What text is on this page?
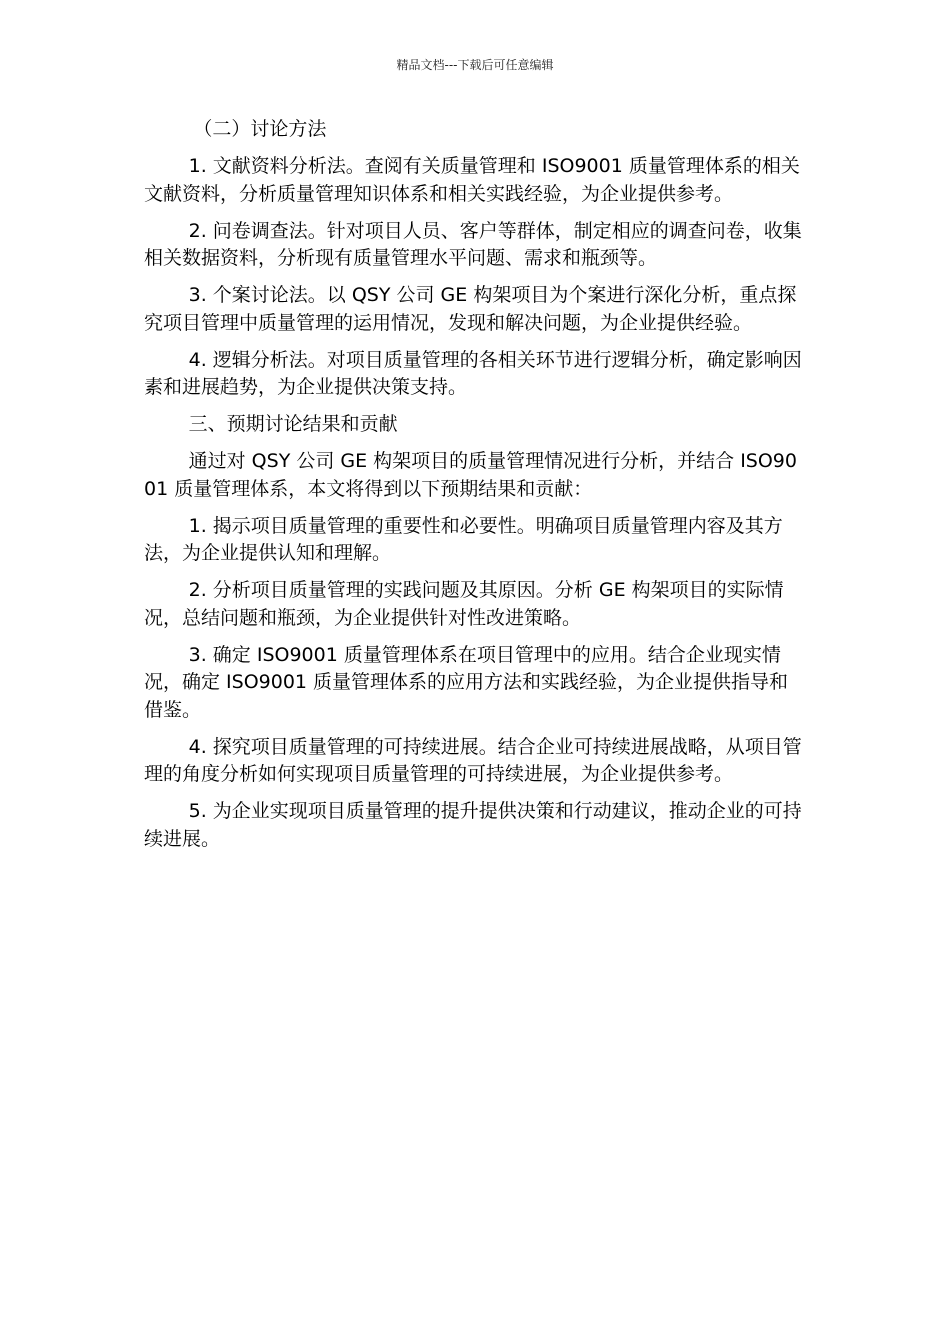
精品文档---下载后可任意编辑

（二）讨论方法

1. 文献资料分析法。查阅有关质量管理和 ISO9001 质量管理体系的相关文献资料，分析质量管理知识体系和相关实践经验，为企业提供参考。

2. 问卷调查法。针对项目人员、客户等群体，制定相应的调查问卷，收集相关数据资料，分析现有质量管理水平问题、需求和瓶颈等。

3. 个案讨论法。以 QSY 公司 GE 构架项目为个案进行深化分析，重点探究项目管理中质量管理的运用情况，发现和解决问题，为企业提供经验。

4. 逻辑分析法。对项目质量管理的各相关环节进行逻辑分析，确定影响因素和进展趋势，为企业提供决策支持。

三、预期讨论结果和贡献

通过对 QSY 公司 GE 构架项目的质量管理情况进行分析，并结合 ISO9001 质量管理体系，本文将得到以下预期结果和贡献：

1. 揭示项目质量管理的重要性和必要性。明确项目质量管理内容及其方法，为企业提供认知和理解。

2. 分析项目质量管理的实践问题及其原因。分析 GE 构架项目的实际情况，总结问题和瓶颈，为企业提供针对性改进策略。

3. 确定 ISO9001 质量管理体系在项目管理中的应用。结合企业现实情况，确定 ISO9001 质量管理体系的应用方法和实践经验，为企业提供指导和借鉴。

4. 探究项目质量管理的可持续进展。结合企业可持续进展战略，从项目管理的角度分析如何实现项目质量管理的可持续进展，为企业提供参考。

5. 为企业实现项目质量管理的提升提供决策和行动建议，推动企业的可持续进展。
